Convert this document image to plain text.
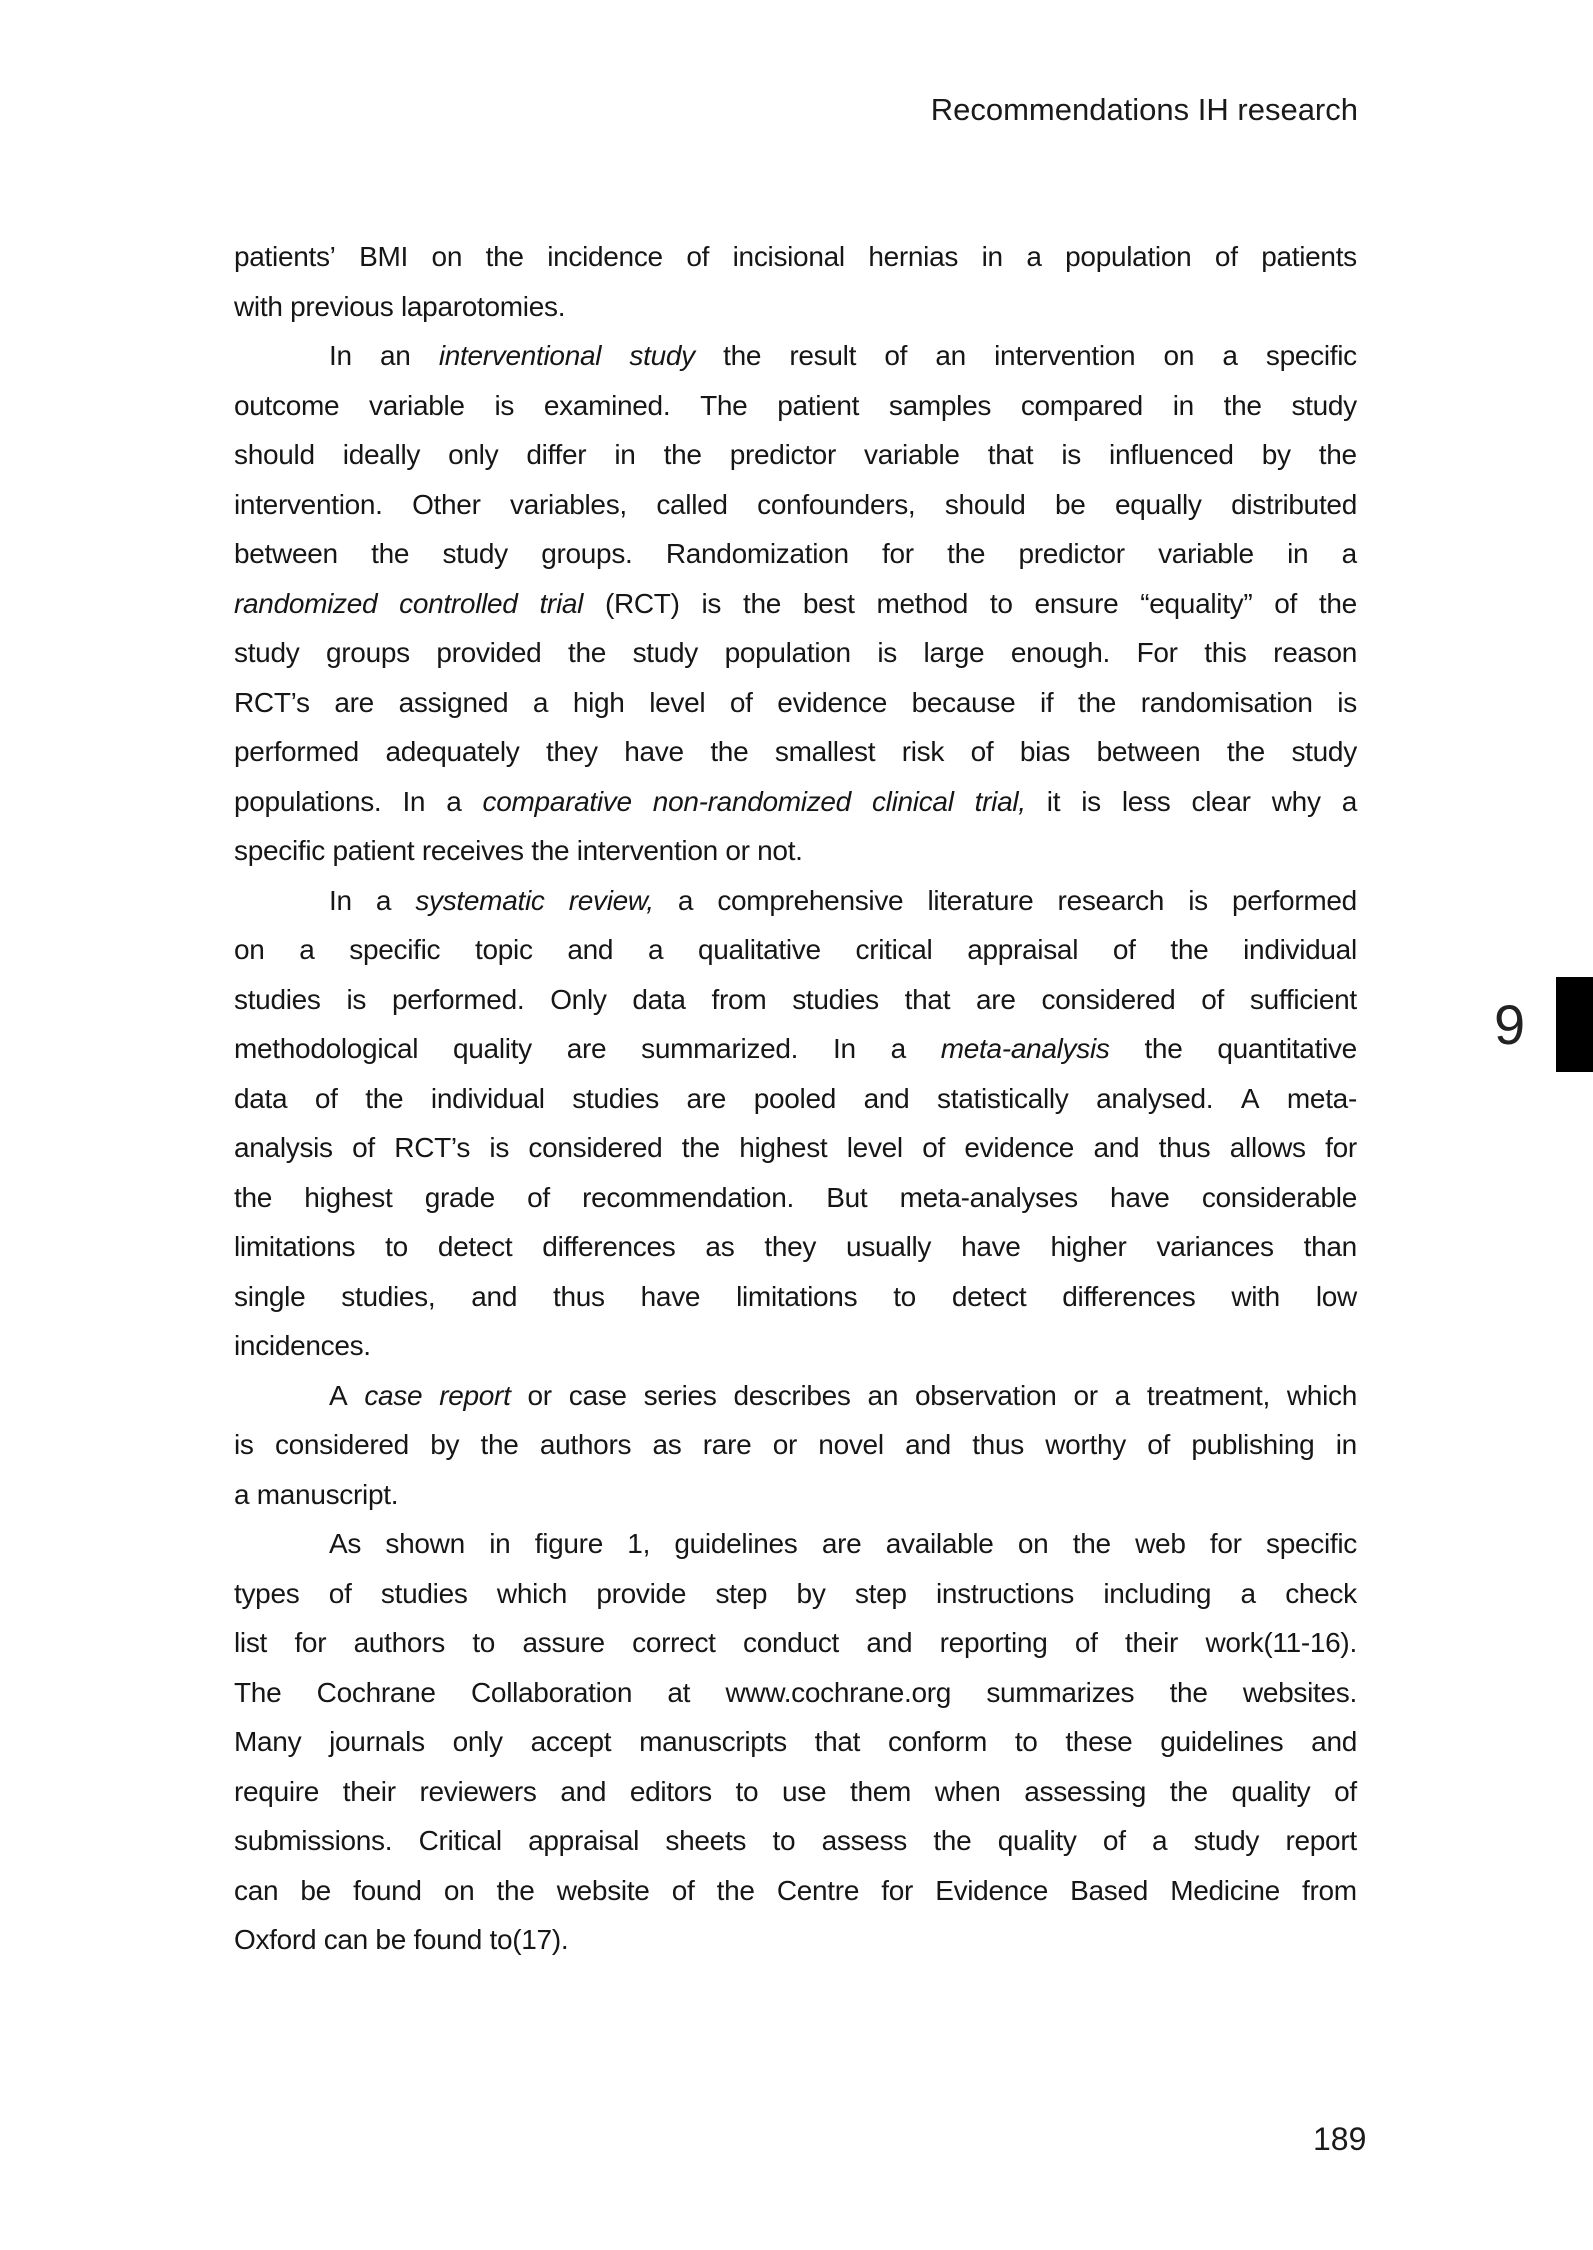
Recommendations IH research
patients’ BMI on the incidence of incisional hernias in a population of patients
with previous laparotomies.
In an interventional study the result of an intervention on a specific
outcome variable is examined. The patient samples compared in the study
should ideally only differ in the predictor variable that is influenced by the
intervention. Other variables, called confounders, should be equally distributed
between the study groups. Randomization for the predictor variable in a
randomized controlled trial (RCT) is the best method to ensure “equality” of the
study groups provided the study population is large enough. For this reason
RCT’s are assigned a high level of evidence because if the randomisation is
performed adequately they have the smallest risk of bias between the study
populations. In a comparative non-randomized clinical trial, it is less clear why a
specific patient receives the intervention or not.
In a systematic review, a comprehensive literature research is performed
on a specific topic and a qualitative critical appraisal of the individual
studies is performed. Only data from studies that are considered of sufficient
methodological quality are summarized. In a meta-analysis the quantitative
data of the individual studies are pooled and statistically analysed. A meta-
analysis of RCT’s is considered the highest level of evidence and thus allows for
the highest grade of recommendation. But meta-analyses have considerable
limitations to detect differences as they usually have higher variances than
single studies, and thus have limitations to detect differences with low
incidences.
A case report or case series describes an observation or a treatment, which
is considered by the authors as rare or novel and thus worthy of publishing in
a manuscript.
As shown in figure 1, guidelines are available on the web for specific
types of studies which provide step by step instructions including a check
list for authors to assure correct conduct and reporting of their work(11-16).
The Cochrane Collaboration at www.cochrane.org summarizes the websites.
Many journals only accept manuscripts that conform to these guidelines and
require their reviewers and editors to use them when assessing the quality of
submissions. Critical appraisal sheets to assess the quality of a study report
can be found on the website of the Centre for Evidence Based Medicine from
Oxford can be found to(17).
9
189
